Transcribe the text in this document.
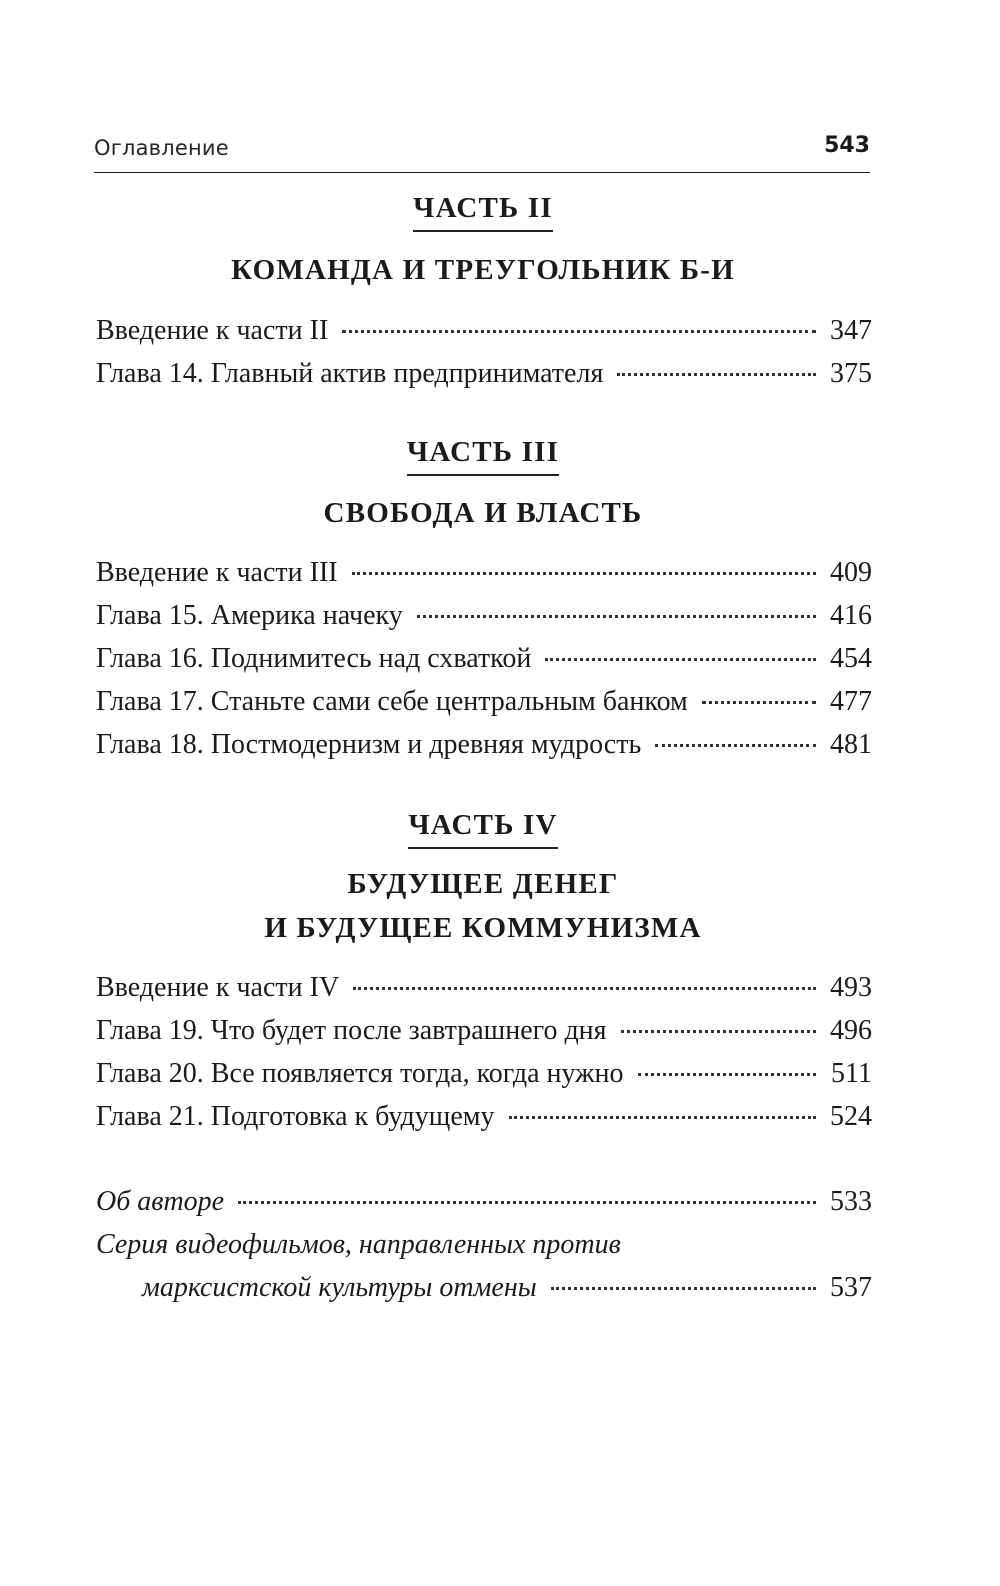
Оглавление	543
ЧАСТЬ II
КОМАНДА И ТРЕУГОЛЬНИК Б-И
Введение к части II	347
Глава 14. Главный актив предпринимателя	375
ЧАСТЬ III
СВОБОДА И ВЛАСТЬ
Введение к части III	409
Глава 15. Америка начеку	416
Глава 16. Поднимитесь над схваткой	454
Глава 17. Станьте сами себе центральным банком	477
Глава 18. Постмодернизм и древняя мудрость	481
ЧАСТЬ IV
БУДУЩЕЕ ДЕНЕГ
И БУДУЩЕЕ КОММУНИЗМА
Введение к части IV	493
Глава 19. Что будет после завтрашнего дня	496
Глава 20. Все появляется тогда, когда нужно	511
Глава 21. Подготовка к будущему	524
Об авторе	533
Серия видеофильмов, направленных против
марксистской культуры отмены	537
